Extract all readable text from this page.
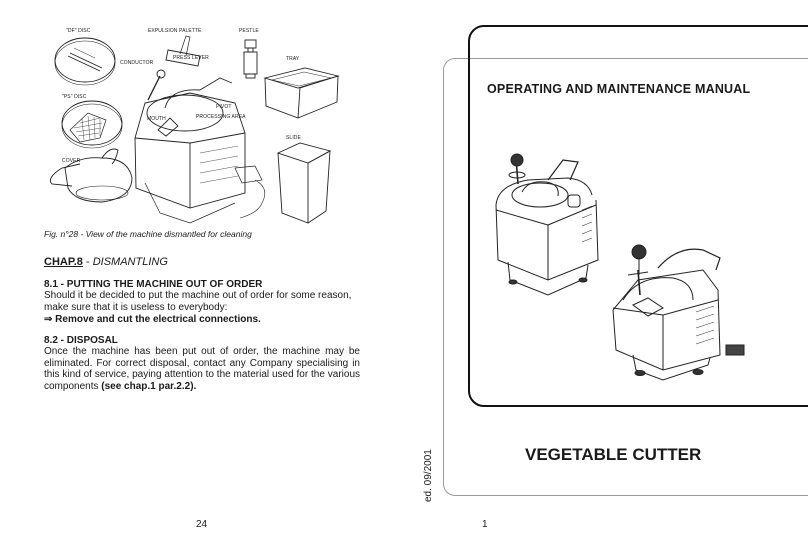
"DF" DISC	EXPULSION PALETTE	PESTLE
CONDUCTOR
PRESS LEVER	TRAY
"PS" DISC
PIVOT
MOUTH	PROCESSING AREA
SLIDE
COVER
Fig. n°28 - View of the machine dismantled for cleaning
CHAP.8 - DISMANTLING
8.1 - PUTTING THE MACHINE OUT OF ORDER
Should it be decided to put the machine out of order for some reason,
make sure that it is useless to everybody:
⇒ Remove and cut the electrical connections.
8.2 - DISPOSAL
Once the machine has been put out of order, the machine may be eliminated. For correct disposal, contact any Company specialising in this kind of service, paying attention to the material used for the various components (see chap.1 par.2.2).
24
OPERATING AND MAINTENANCE MANUAL
VEGETABLE CUTTER
ed. 09/2001
1
